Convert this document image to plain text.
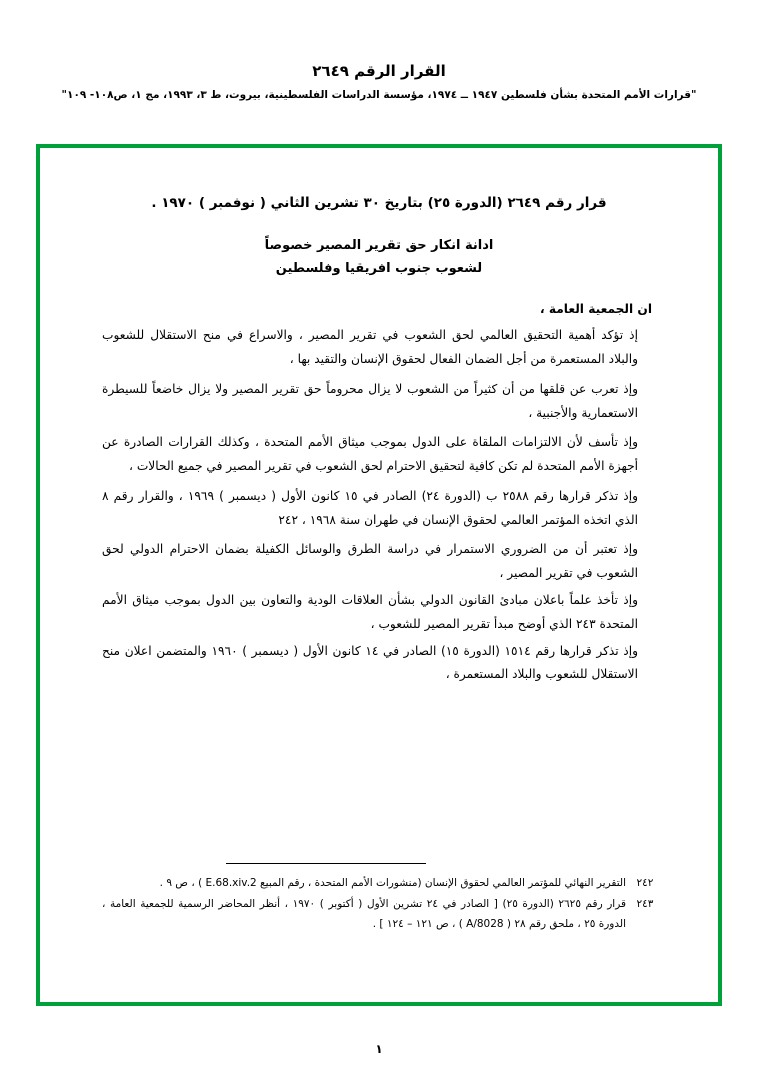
القرار الرقم ٢٦٤٩
"قرارات الأمم المتحدة بشأن فلسطين ١٩٤٧ ــ ١٩٧٤، مؤسسة الدراسات الفلسطينية، بيروت، ط ٣، ١٩٩٣، مج ١، ص١٠٨- ١٠٩"
قرار رقم ٢٦٤٩ (الدورة ٢٥) بتاريخ ٣٠ تشرين الثاني ( نوفمبر ) ١٩٧٠ .
ادانة انكار حق تقرير المصير خصوصاً
لشعوب جنوب افريقيا وفلسطين
ان الجمعية العامة ،

إذ تؤكد أهمية التحقيق العالمي لحق الشعوب في تقرير المصير ، والاسراع في منح الاستقلال للشعوب والبلاد المستعمرة من أجل الضمان الفعال لحقوق الإنسان والتقيد بها ،

وإذ تعرب عن قلقها من أن كثيراً من الشعوب لا يزال محروماً حق تقرير المصير ولا يزال خاضعاً للسيطرة الاستعمارية والأجنبية ،

وإذ تأسف لأن الالتزامات الملقاة على الدول بموجب ميثاق الأمم المتحدة ، وكذلك القرارات الصادرة عن أجهزة الأمم المتحدة لم تكن كافية لتحقيق الاحترام لحق الشعوب في تقرير المصير في جميع الحالات ،

وإذ تذكر قرارها رقم ٢٥٨٨ ب (الدورة ٢٤) الصادر في ١٥ كانون الأول ( ديسمبر ) ١٩٦٩ ، والقرار رقم ٨ الذي اتخذه المؤتمر العالمي لحقوق الإنسان في طهران سنة ١٩٦٨ ، ٢٤٢

وإذ تعتبر أن من الضروري الاستمرار في دراسة الطرق والوسائل الكفيلة بضمان الاحترام الدولي لحق الشعوب في تقرير المصير ،

وإذ تأخذ علماً باعلان مبادئ القانون الدولي بشأن العلاقات الودية والتعاون بين الدول بموجب ميثاق الأمم المتحدة ٢٤٣ الذي أوضح مبدأ تقرير المصير للشعوب ،

وإذ تذكر قرارها رقم ١٥١٤ (الدورة ١٥) الصادر في ١٤ كانون الأول ( ديسمبر ) ١٩٦٠ والمتضمن اعلان منح الاستقلال للشعوب والبلاد المستعمرة ،

٢٤٢
التقرير النهائي للمؤتمر العالمي لحقوق الإنسان (منشورات الأمم المتحدة ، رقم المبيع E.68.xiv.2 ) ، ص ٩ .
٢٤٣
قرار رقم ٢٦٢٥ (الدورة ٢٥) [ الصادر في ٢٤ تشرين الأول ( أكتوبر ) ١٩٧٠ ، أنظر المحاضر الرسمية للجمعية العامة ، الدورة ٢٥ ، ملحق رقم ٢٨ ( A/8028 ) ، ص ١٢١ – ١٢٤ ] .
١
